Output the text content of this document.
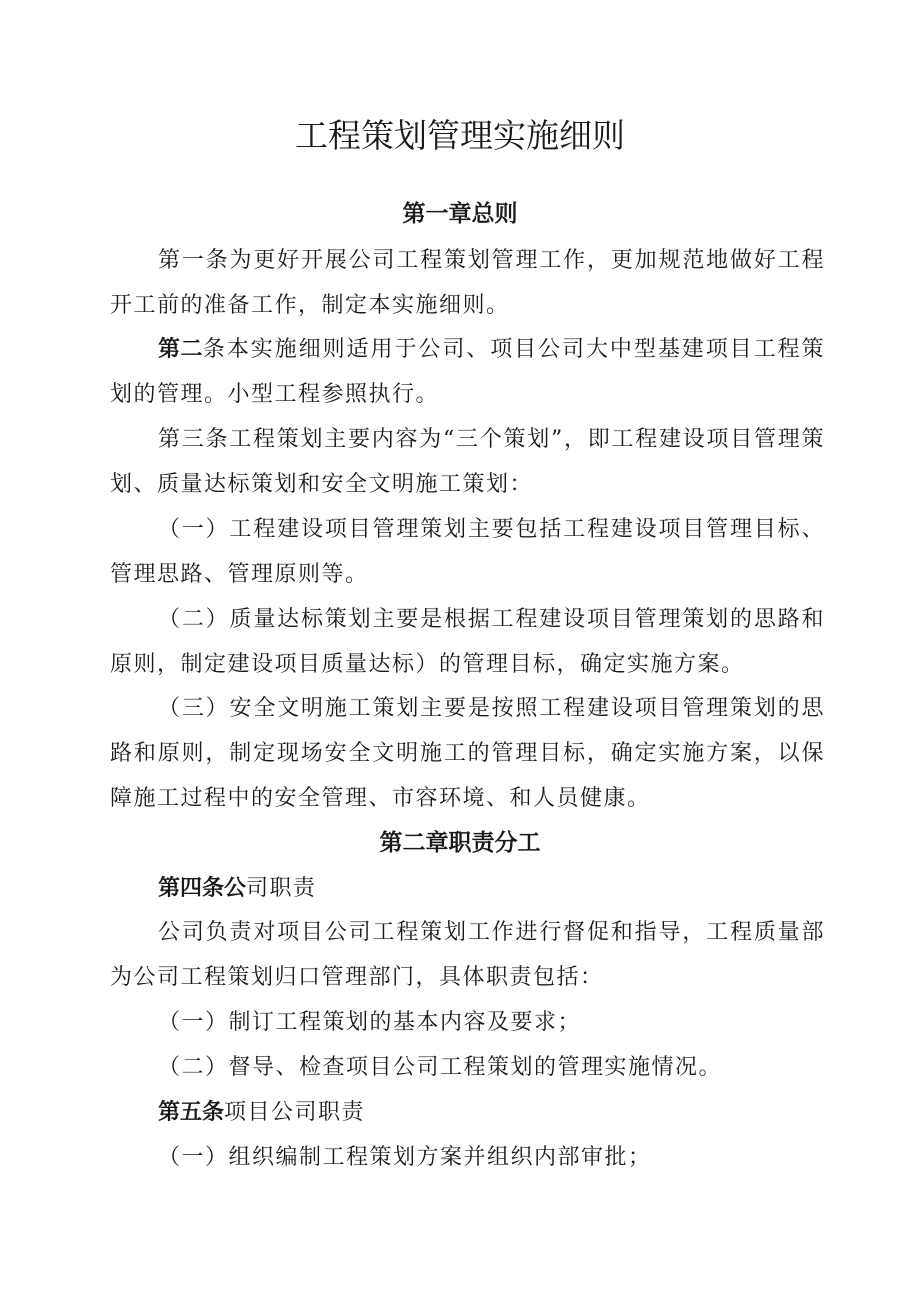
工程策划管理实施细则
第一章总则
第一条为更好开展公司工程策划管理工作，更加规范地做好工程开工前的准备工作，制定本实施细则。
第二条本实施细则适用于公司、项目公司大中型基建项目工程策划的管理。小型工程参照执行。
第三条工程策划主要内容为“三个策划”，即工程建设项目管理策划、质量达标策划和安全文明施工策划：
（一）工程建设项目管理策划主要包括工程建设项目管理目标、管理思路、管理原则等。
（二）质量达标策划主要是根据工程建设项目管理策划的思路和原则，制定建设项目质量达标）的管理目标，确定实施方案。
（三）安全文明施工策划主要是按照工程建设项目管理策划的思路和原则，制定现场安全文明施工的管理目标，确定实施方案，以保障施工过程中的安全管理、市容环境、和人员健康。
第二章职责分工
第四条公司职责
公司负责对项目公司工程策划工作进行督促和指导，工程质量部为公司工程策划归口管理部门，具体职责包括：
（一）制订工程策划的基本内容及要求；
（二）督导、检查项目公司工程策划的管理实施情况。
第五条项目公司职责
（一）组织编制工程策划方案并组织内部审批；
